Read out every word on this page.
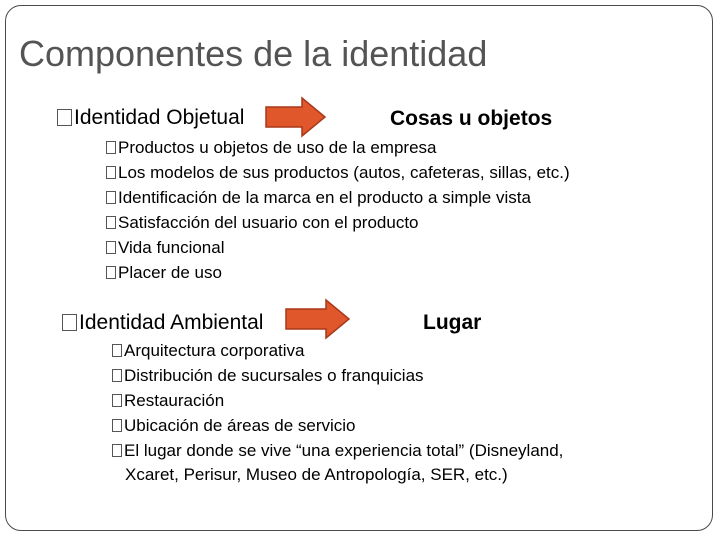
Componentes de la identidad
Identidad Objetual	Cosas u objetos
Productos u objetos de uso de la empresa
Los modelos de sus productos (autos, cafeteras, sillas, etc.)
Identificación de la marca en el producto a simple vista
Satisfacción del usuario con el producto
Vida funcional
Placer de uso
Identidad Ambiental	Lugar
Arquitectura corporativa
Distribución de sucursales o franquicias
Restauración
Ubicación de áreas de servicio
El lugar donde se vive “una experiencia total” (Disneyland,
Xcaret, Perisur, Museo de Antropología, SER, etc.)
